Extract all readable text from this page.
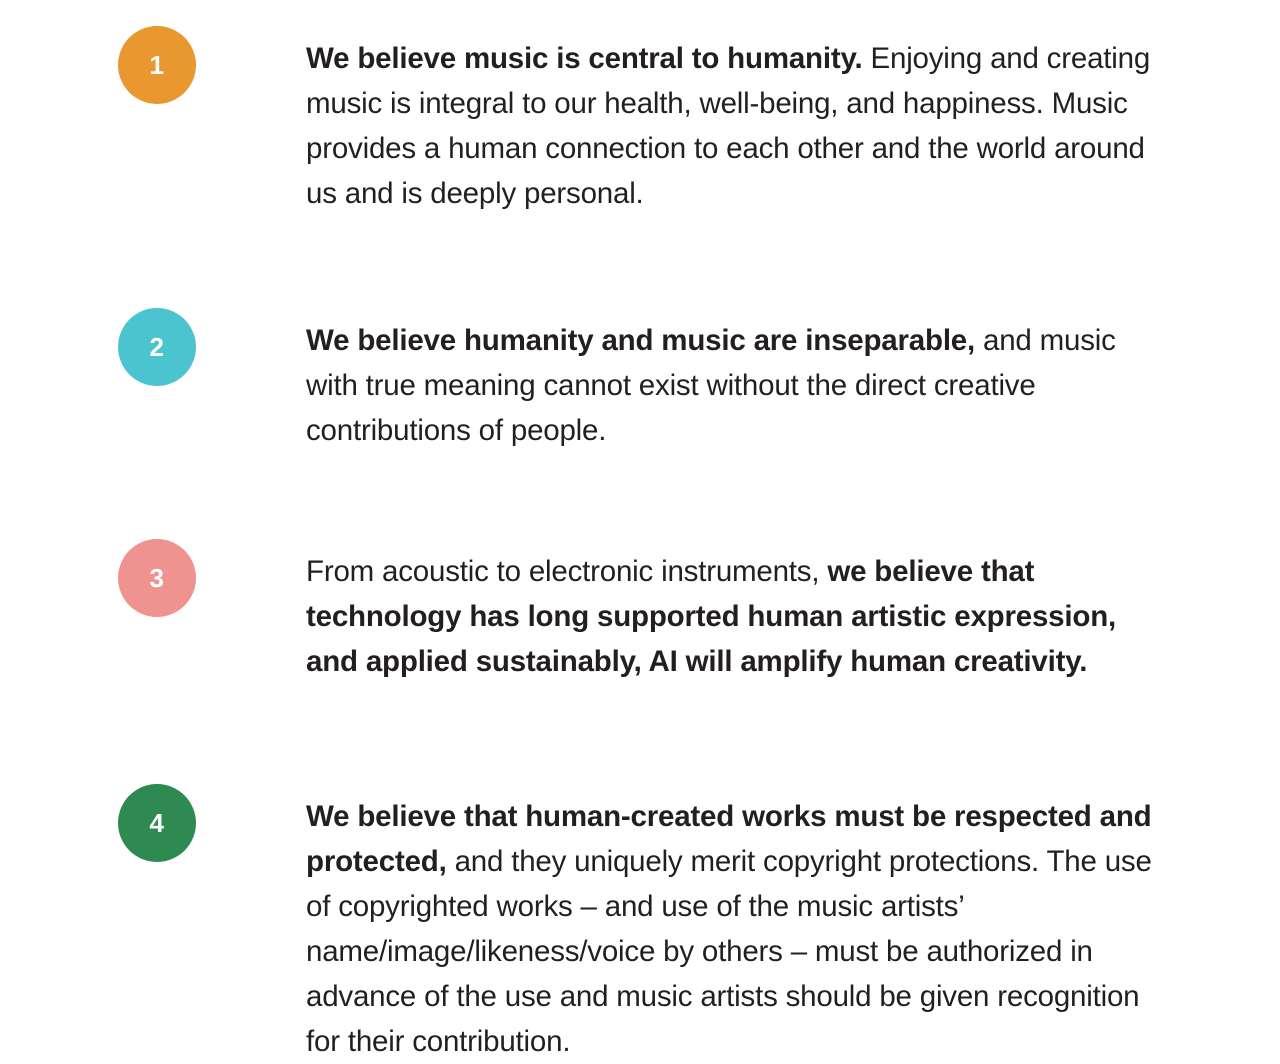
1	We believe music is central to humanity. Enjoying and creating music is integral to our health, well-being, and happiness. Music provides a human connection to each other and the world around us and is deeply personal.

2	We believe humanity and music are inseparable, and music with true meaning cannot exist without the direct creative contributions of people.

3	From acoustic to electronic instruments, we believe that technology has long supported human artistic expression, and applied sustainably, AI will amplify human creativity.

4	We believe that human-created works must be respected and protected, and they uniquely merit copyright protections. The use of copyrighted works – and use of the music artists’ name/image/likeness/voice by others – must be authorized in advance of the use and music artists should be given recognition for their contribution.
